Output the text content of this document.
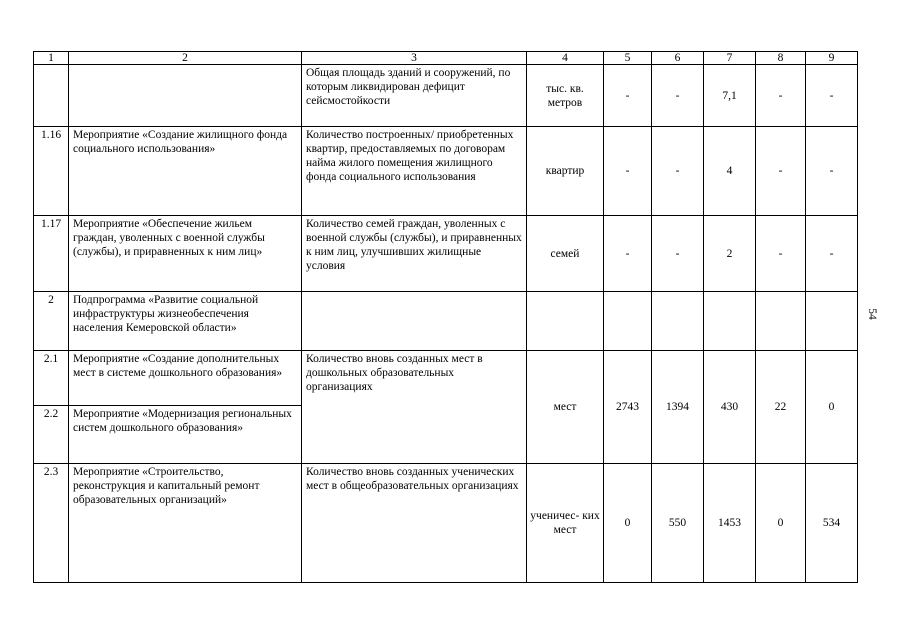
1	2	3	4	5	6	7	8	9
		Общая площадь зданий и сооружений, по которым ликвидирован дефицит сейсмостойкости	тыс. кв. метров	-	-	7,1	-	-
1.16	Мероприятие «Создание жилищного фонда социального использования»	Количество построенных/ приобретенных квартир, предоставляемых по договорам найма жилого помещения жилищного фонда социального использования	квартир	-	-	4	-	-
1.17	Мероприятие «Обеспечение жильем граждан, уволенных с военной службы (службы), и приравненных к ним лиц»	Количество семей граждан, уволенных с военной службы (службы), и приравненных к ним лиц, улучшивших жилищные условия	семей	-	-	2	-	-
2	Подпрограмма «Развитие социальной инфраструктуры жизнеобеспечения населения Кемеровской области»							
2.1	Мероприятие «Создание дополнительных мест в системе дошкольного образования»	Количество вновь созданных мест в дошкольных образовательных организациях	мест	2743	1394	430	22	0
2.2	Мероприятие «Модернизация региональных систем дошкольного образования»							
2.3	Мероприятие «Строительство, реконструкция и капитальный ремонт образовательных организаций»	Количество вновь созданных ученических мест в общеобразовательных организациях	ученичес- ких мест	0	550	1453	0	534
54
